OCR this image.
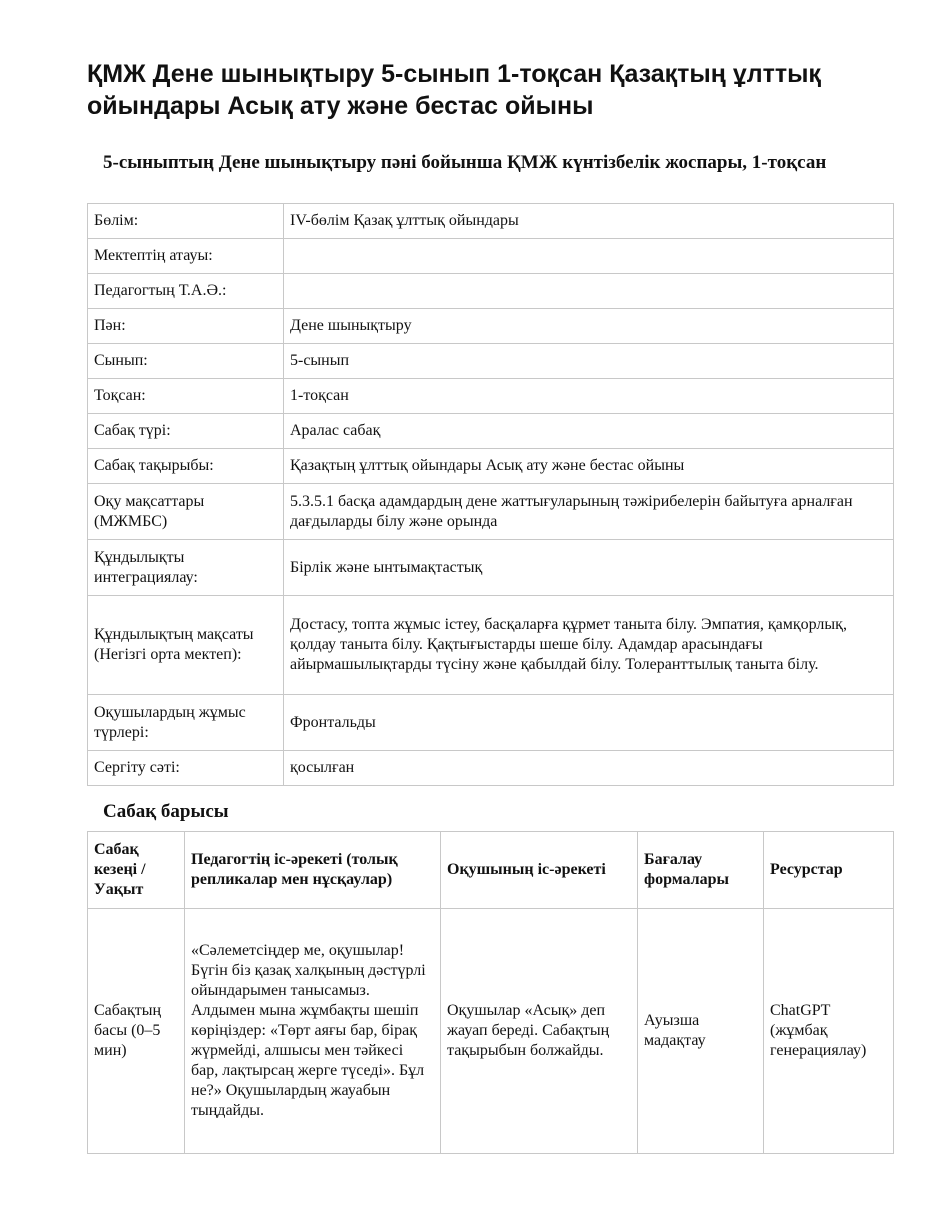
ҚМЖ Дене шынықтыру 5-сынып 1-тоқсан Қазақтың ұлттық ойындары Асық ату және бестас ойыны
5-сыныптың Дене шынықтыру пәні бойынша ҚМЖ күнтізбелік жоспары, 1-тоқсан
Бөлім:	IV-бөлім Қазақ ұлттық ойындары
Мектептің атауы:	
Педагогтың Т.А.Ә.:	
Пән:	Дене шынықтыру
Сынып:	5-сынып
Тоқсан:	1-тоқсан
Сабақ түрі:	Аралас сабақ
Сабақ тақырыбы:	Қазақтың ұлттық ойындары Асық ату және бестас ойыны
Оқу мақсаттары (МЖМБС)	5.3.5.1 басқа адамдардың дене жаттығуларының тәжірибелерін байытуға арналған дағдыларды білу және орында
Құндылықты интеграциялау:	Бірлік және ынтымақтастық
Құндылықтың мақсаты (Негізгі орта мектеп):	Достасу, топта жұмыс істеу, басқаларға құрмет таныта білу. Эмпатия, қамқорлық, қолдау таныта білу. Қақтығыстарды шеше білу. Адамдар арасындағы айырмашылықтарды түсіну және қабылдай білу. Толеранттылық таныта білу.
Оқушылардың жұмыс түрлері:	Фронтальды
Сергіту сәті:	қосылған
Сабақ барысы
Сабақ кезеңі / Уақыт	Педагогтің іс-әрекеті (толық репликалар мен нұсқаулар)	Оқушының іс-әрекеті	Бағалау формалары	Ресурстар
Сабақтың басы (0–5 мин)	«Сәлеметсіңдер ме, оқушылар! Бүгін біз қазақ халқының дәстүрлі ойындарымен танысамыз. Алдымен мына жұмбақты шешіп көріңіздер: «Төрт аяғы бар, бірақ жүрмейді, алшысы мен тәйкесі бар, лақтырсаң жерге түседі». Бұл не?» Оқушылардың жауабын тыңдайды.	Оқушылар «Асық» деп жауап береді. Сабақтың тақырыбын болжайды.	Ауызша мадақтау	ChatGPT (жұмбақ генерациялау)
